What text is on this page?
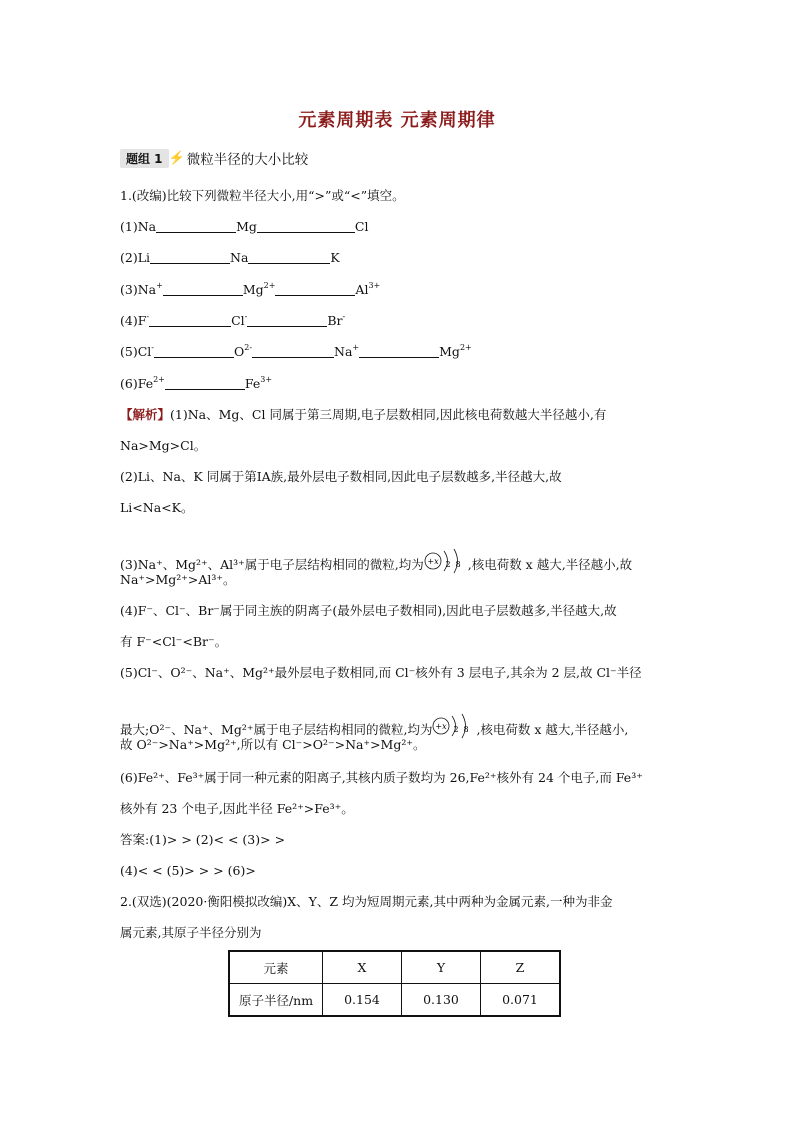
元素周期表 元素周期律
题组 1 ⚡ 微粒半径的大小比较
1.(改编)比较下列微粒半径大小,用“>”或“<”填空。
(1)Na	Mg	Cl
(2)Li	Na	K
(3)Na+	$Mg^{2+}$	$Al^{3+}$
(4)F-	Cl-	Br-
(5)Cl-	$O^{2-}$	Na+	$Mg^{2+}$
$(6)Fe^{2+}$	$Fe^{3+}$
【解析】(1)Na、Mg、Cl 同属于第三周期,电子层数相同,因此核电荷数越大半径越小,有
Na>Mg>Cl。
(2)Li、Na、K 同属于第ⅠA族,最外层电子数相同,因此电子层数越多,半径越大,故
Li<Na<K。
(3)Na⁺、Mg²⁺、Al³⁺属于电子层结构相同的微粒,均为 +x 2 8 ,核电荷数 x 越大,半径越小,故
Na⁺>Mg²⁺>Al³⁺。
(4)F⁻、Cl⁻、Br⁻属于同主族的阴离子(最外层电子数相同),因此电子层数越多,半径越大,故
有 F⁻<Cl⁻<Br⁻。
(5)Cl⁻、O²⁻、Na⁺、Mg²⁺最外层电子数相同,而 Cl⁻核外有 3 层电子,其余为 2 层,故 Cl⁻半径
最大;O²⁻、Na⁺、Mg²⁺属于电子层结构相同的微粒,均为 +x 2 8 ,核电荷数 x 越大,半径越小,
故 O²⁻>Na⁺>Mg²⁺,所以有 Cl⁻>O²⁻>Na⁺>Mg²⁺。
(6)Fe²⁺、Fe³⁺属于同一种元素的阳离子,其核内质子数均为 26,Fe²⁺核外有 24 个电子,而 Fe³⁺
核外有 23 个电子,因此半径 Fe²⁺>Fe³⁺。
答案:(1)> > (2)< < (3)> >
(4)< < (5)> > > (6)>
2.(双选)(2020·衡阳模拟改编)X、Y、Z 均为短周期元素,其中两种为金属元素,一种为非金
属元素,其原子半径分别为
元素	X	Y	Z
原子半径/nm	0.154	0.130	0.071
